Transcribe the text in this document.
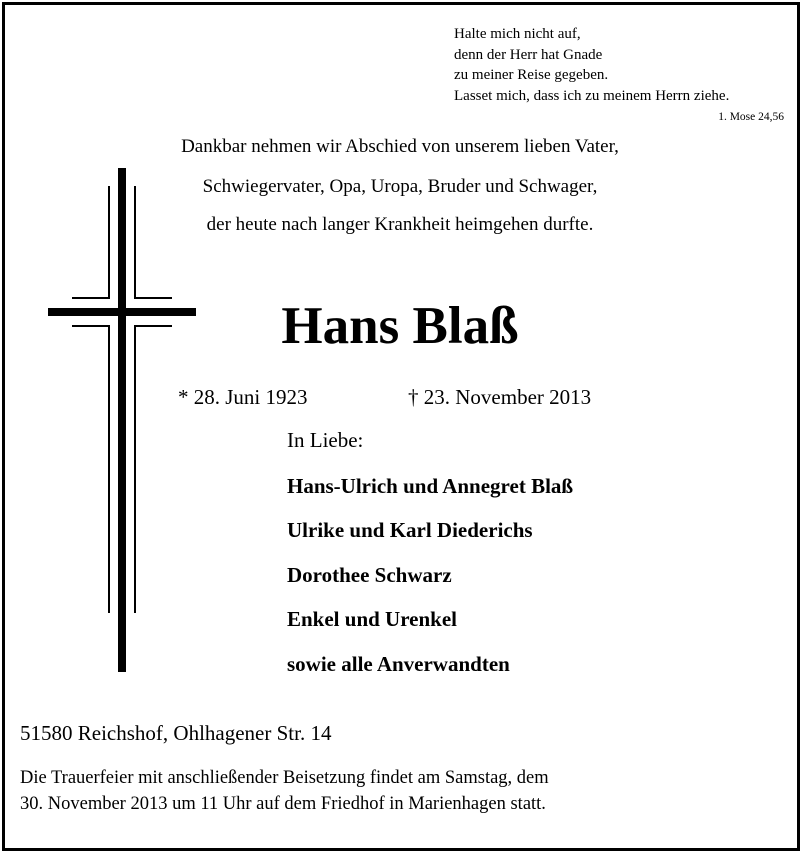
Halte mich nicht auf,
denn der Herr hat Gnade
zu meiner Reise gegeben.
Lasset mich, dass ich zu meinem Herrn ziehe.
1. Mose 24,56
Dankbar nehmen wir Abschied von unserem lieben Vater,
Schwiegervater, Opa, Uropa, Bruder und Schwager,
der heute nach langer Krankheit heimgehen durfte.
Hans Blaß
* 28. Juni 1923	† 23. November 2013
In Liebe:
Hans-Ulrich und Annegret Blaß
Ulrike und Karl Diederichs
Dorothee Schwarz
Enkel und Urenkel
sowie alle Anverwandten
51580 Reichshof, Ohlhagener Str. 14
Die Trauerfeier mit anschließender Beisetzung findet am Samstag, dem
30. November 2013 um 11 Uhr auf dem Friedhof in Marienhagen statt.
